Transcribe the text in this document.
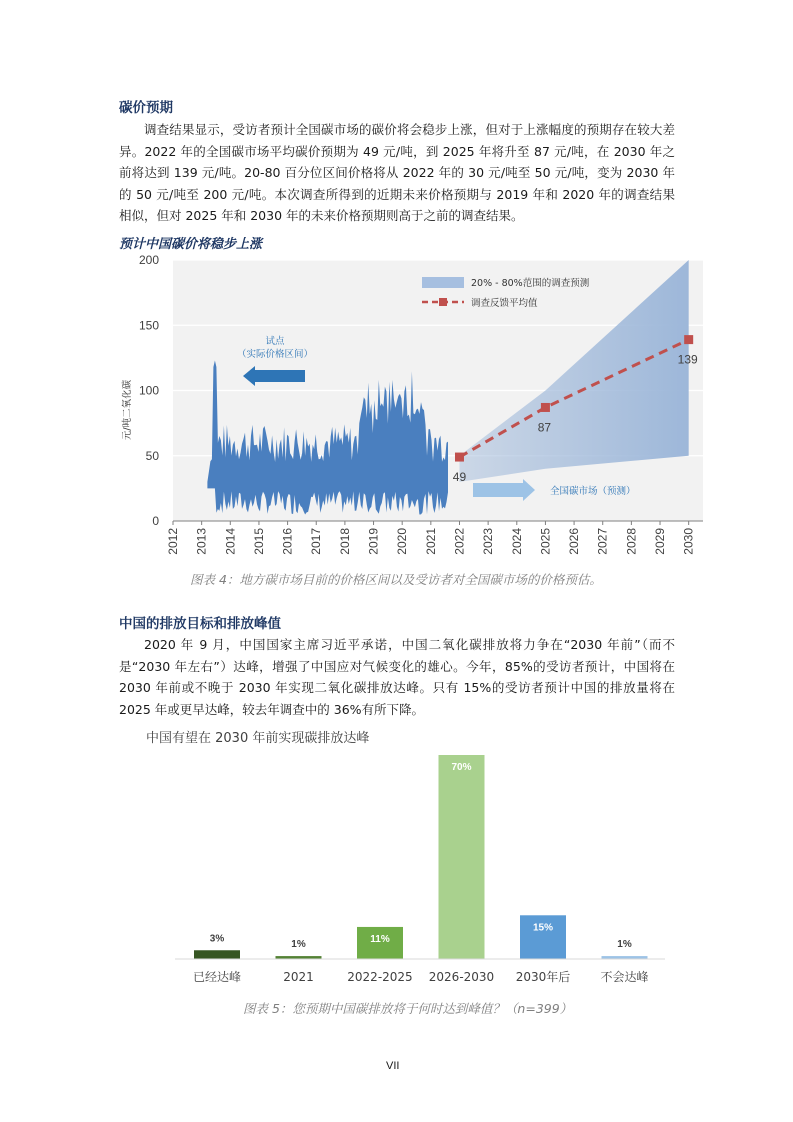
碳价预期

调查结果显示，受访者预计全国碳市场的碳价将会稳步上涨，但对于上涨幅度的预期存在较大差异。2022 年的全国碳市场平均碳价预期为 49 元/吨，到 2025 年将升至 87 元/吨，在 2030 年之前将达到 139 元/吨。20-80 百分位区间价格将从 2022 年的 30 元/吨至 50 元/吨，变为 2030 年的 50 元/吨至 200 元/吨。本次调查所得到的近期未来价格预期与 2019 年和 2020 年的调查结果相似，但对 2025 年和 2030 年的未来价格预期则高于之前的调查结果。

预计中国碳价将稳步上涨
49
87
139
0
50
100
150
200
2012 2013 2014 2015 2016 2017 2018 2019 2020 2021 2022 2023 2024 2025 2026 2027 2028 2029 2030
元/吨二氧化碳
20% - 80%范围的调查预测
调查反馈平均值
试点
（实际价格区间）
全国碳市场（预测）
图表 4：地方碳市场目前的价格区间以及受访者对全国碳市场的价格预估。
中国的排放目标和排放峰值

2020 年 9 月，中国国家主席习近平承诺，中国二氧化碳排放将力争在“2030 年前”（而不是“2030 年左右”）达峰，增强了中国应对气候变化的雄心。今年，85%的受访者预计，中国将在 2030 年前或不晚于 2030 年实现二氧化碳排放达峰。只有 15%的受访者预计中国的排放量将在 2025 年或更早达峰，较去年调查中的 36%有所下降。

中国有望在 2030 年前实现碳排放达峰
3%
1%	11%
70%
15%
1%
已经达峰	2021	2022-2025 2026-2030 2030年后	不会达峰
图表 5：您预期中国碳排放将于何时达到峰值？（n=399）
VII
